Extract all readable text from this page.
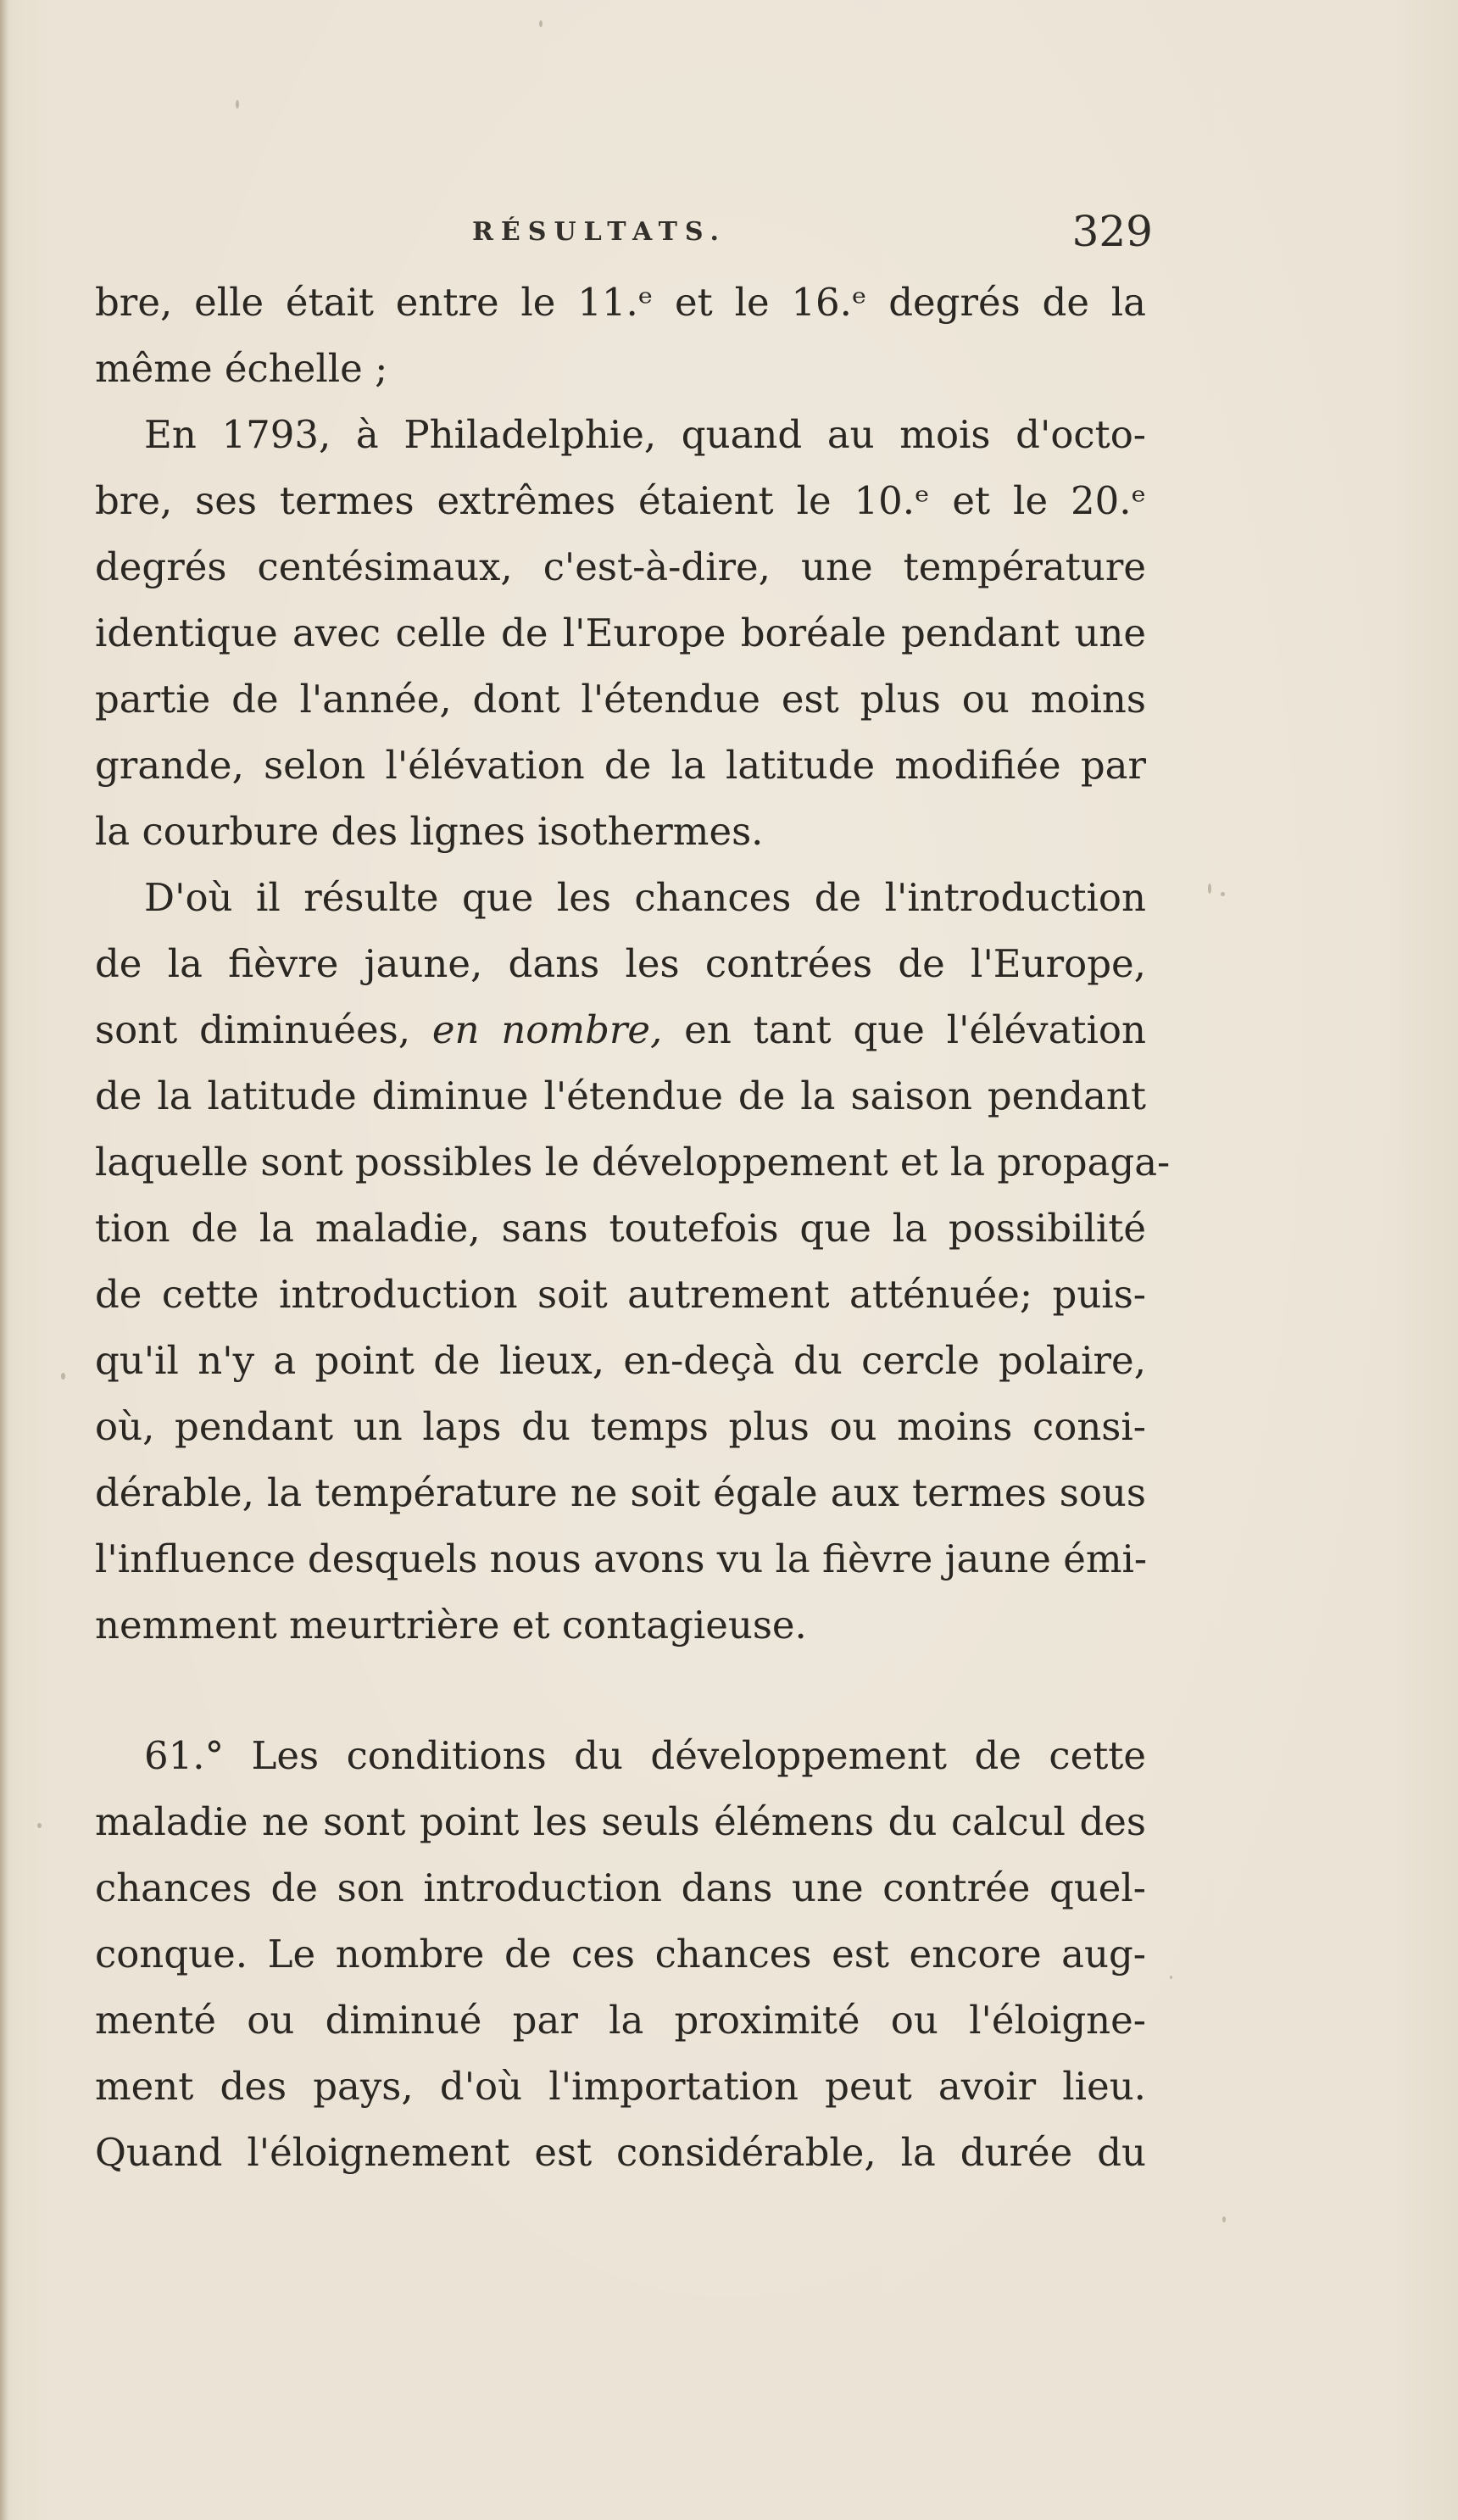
RÉSULTATS.	329
bre, elle était entre le 11.ᵉ et le 16.ᵉ degrés de la
même échelle ;
En 1793, à Philadelphie, quand au mois d'octo-
bre, ses termes extrêmes étaient le 10.ᵉ et le 20.ᵉ
degrés centésimaux, c'est-à-dire, une température
identique avec celle de l'Europe boréale pendant une
partie de l'année, dont l'étendue est plus ou moins
grande, selon l'élévation de la latitude modifiée par
la courbure des lignes isothermes.
D'où il résulte que les chances de l'introduction
de la fièvre jaune, dans les contrées de l'Europe,
sont diminuées, en nombre, en tant que l'élévation
de la latitude diminue l'étendue de la saison pendant
laquelle sont possibles le développement et la propaga-
tion de la maladie, sans toutefois que la possibilité
de cette introduction soit autrement atténuée; puis-
qu'il n'y a point de lieux, en-deçà du cercle polaire,
où, pendant un laps du temps plus ou moins consi-
dérable, la température ne soit égale aux termes sous
l'influence desquels nous avons vu la fièvre jaune émi-
nemment meurtrière et contagieuse.
61.° Les conditions du développement de cette
maladie ne sont point les seuls élémens du calcul des
chances de son introduction dans une contrée quel-
conque. Le nombre de ces chances est encore aug-
menté ou diminué par la proximité ou l'éloigne-
ment des pays, d'où l'importation peut avoir lieu.
Quand l'éloignement est considérable, la durée du
